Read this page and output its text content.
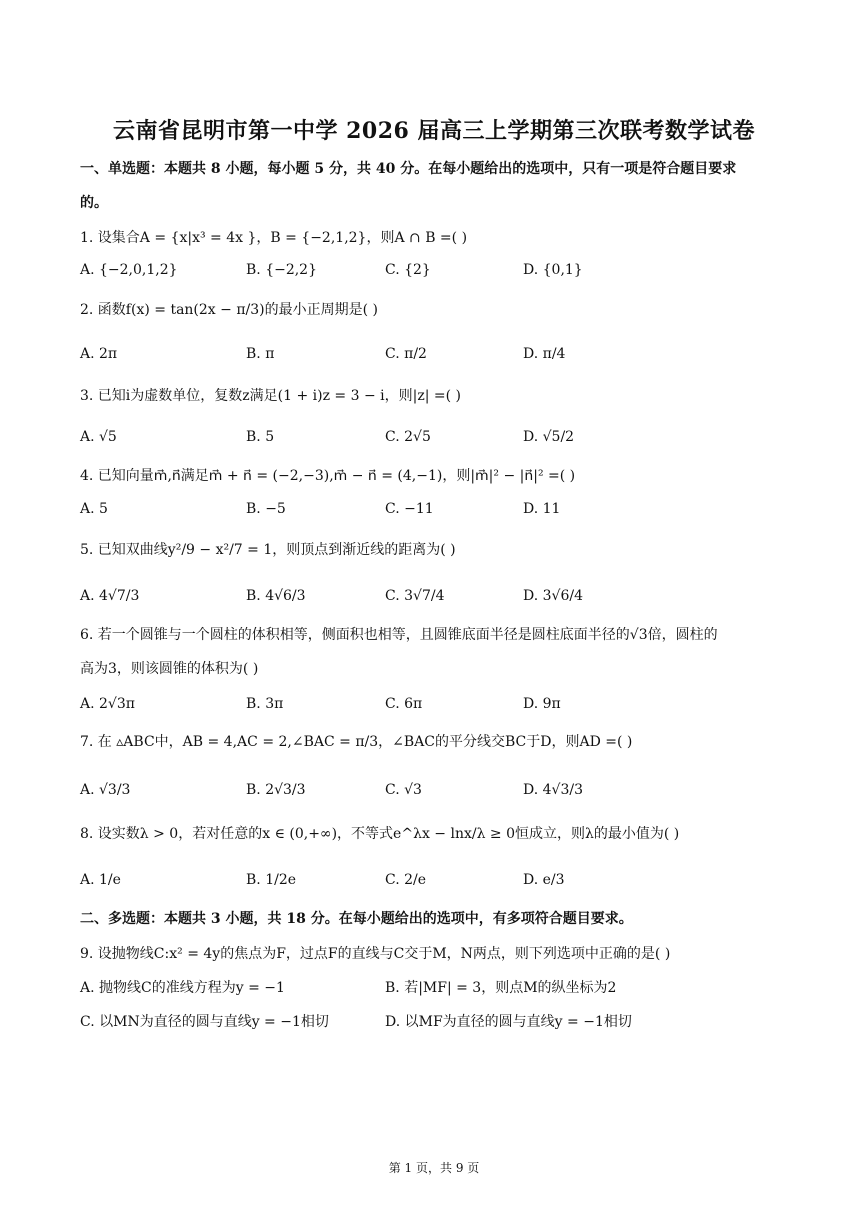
云南省昆明市第一中学 2026 届高三上学期第三次联考数学试卷
一、单选题：本题共 8 小题，每小题 5 分，共 40 分。在每小题给出的选项中，只有一项是符合题目要求
的。
1. 设集合A = {x|x³ = 4x }，B = {−2,1,2}，则A ∩ B =( )
A. {−2,0,1,2}	B. {−2,2}	C. {2}	D. {0,1}
2. 函数f(x) = tan(2x − π/3)的最小正周期是( )
A. 2π	B. π	C. π/2	D. π/4
3. 已知i为虚数单位，复数z满足(1 + i)z = 3 − i，则|z| =( )
A. √5	B. 5	C. 2√5	D. √5/2
4. 已知向量m⃗,n⃗满足m⃗ + n⃗ = (−2,−3),m⃗ − n⃗ = (4,−1)，则|m⃗|² − |n⃗|² =( )
A. 5	B. −5	C. −11	D. 11
5. 已知双曲线y²/9 − x²/7 = 1，则顶点到渐近线的距离为( )
A. 4√7/3	B. 4√6/3	C. 3√7/4	D. 3√6/4
6. 若一个圆锥与一个圆柱的体积相等，侧面积也相等，且圆锥底面半径是圆柱底面半径的√3倍，圆柱的
高为3，则该圆锥的体积为( )
A. 2√3π	B. 3π	C. 6π	D. 9π
7. 在 ▵ABC中，AB = 4,AC = 2,∠BAC = π/3，∠BAC的平分线交BC于D，则AD =( )
A. √3/3	B. 2√3/3	C. √3	D. 4√3/3
8. 设实数λ > 0，若对任意的x ∈ (0,+∞)，不等式e^λx − lnx/λ ≥ 0恒成立，则λ的最小值为( )
A. 1/e	B. 1/2e	C. 2/e	D. e/3
二、多选题：本题共 3 小题，共 18 分。在每小题给出的选项中，有多项符合题目要求。
9. 设抛物线C:x² = 4y的焦点为F，过点F的直线与C交于M，N两点，则下列选项中正确的是( )
A. 抛物线C的准线方程为y = −1	B. 若|MF| = 3，则点M的纵坐标为2
C. 以MN为直径的圆与直线y = −1相切	D. 以MF为直径的圆与直线y = −1相切
第 1 页，共 9 页
